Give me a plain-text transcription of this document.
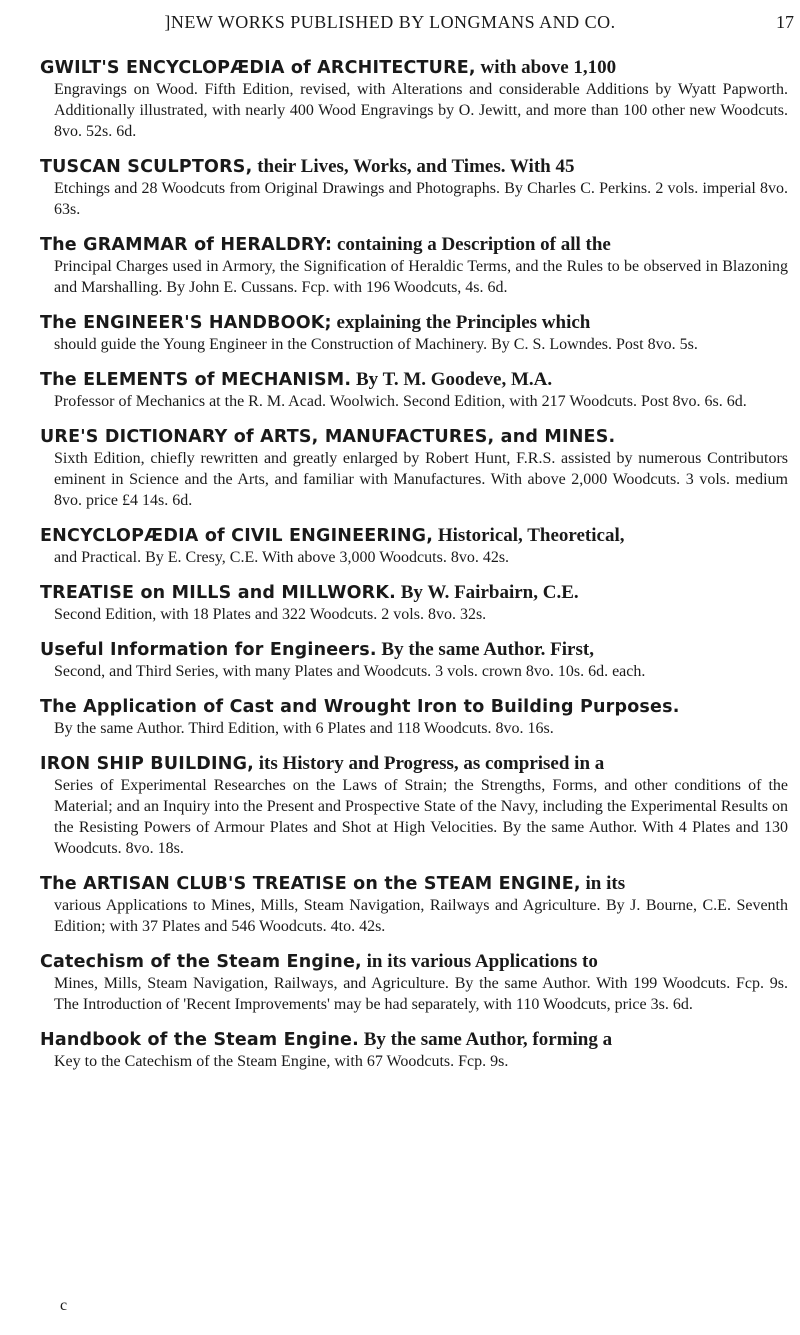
]NEW WORKS PUBLISHED BY LONGMANS AND CO.	17
GWILT'S ENCYCLOPÆDIA of ARCHITECTURE, with above 1,100
Engravings on Wood. Fifth Edition, revised, with Alterations and considerable Additions by Wyatt Papworth. Additionally illustrated, with nearly 400 Wood Engravings by O. Jewitt, and more than 100 other new Woodcuts. 8vo. 52s. 6d.
TUSCAN SCULPTORS, their Lives, Works, and Times. With 45
Etchings and 28 Woodcuts from Original Drawings and Photographs. By Charles C. Perkins. 2 vols. imperial 8vo. 63s.
The GRAMMAR of HERALDRY: containing a Description of all the
Principal Charges used in Armory, the Signification of Heraldic Terms, and the Rules to be observed in Blazoning and Marshalling. By John E. Cussans. Fcp. with 196 Woodcuts, 4s. 6d.
The ENGINEER'S HANDBOOK; explaining the Principles which
should guide the Young Engineer in the Construction of Machinery. By C. S. Lowndes. Post 8vo. 5s.
The ELEMENTS of MECHANISM. By T. M. Goodeve, M.A.
Professor of Mechanics at the R. M. Acad. Woolwich. Second Edition, with 217 Woodcuts. Post 8vo. 6s. 6d.
URE'S DICTIONARY of ARTS, MANUFACTURES, and MINES.
Sixth Edition, chiefly rewritten and greatly enlarged by Robert Hunt, F.R.S. assisted by numerous Contributors eminent in Science and the Arts, and familiar with Manufactures. With above 2,000 Woodcuts. 3 vols. medium 8vo. price £4 14s. 6d.
ENCYCLOPÆDIA of CIVIL ENGINEERING, Historical, Theoretical,
and Practical. By E. Cresy, C.E. With above 3,000 Woodcuts. 8vo. 42s.
TREATISE on MILLS and MILLWORK. By W. Fairbairn, C.E.
Second Edition, with 18 Plates and 322 Woodcuts. 2 vols. 8vo. 32s.
Useful Information for Engineers. By the same Author. First,
Second, and Third Series, with many Plates and Woodcuts. 3 vols. crown 8vo. 10s. 6d. each.
The Application of Cast and Wrought Iron to Building Purposes.
By the same Author. Third Edition, with 6 Plates and 118 Woodcuts. 8vo. 16s.
IRON SHIP BUILDING, its History and Progress, as comprised in a
Series of Experimental Researches on the Laws of Strain; the Strengths, Forms, and other conditions of the Material; and an Inquiry into the Present and Prospective State of the Navy, including the Experimental Results on the Resisting Powers of Armour Plates and Shot at High Velocities. By the same Author. With 4 Plates and 130 Woodcuts. 8vo. 18s.
The ARTISAN CLUB'S TREATISE on the STEAM ENGINE, in its
various Applications to Mines, Mills, Steam Navigation, Railways and Agriculture. By J. Bourne, C.E. Seventh Edition; with 37 Plates and 546 Woodcuts. 4to. 42s.
Catechism of the Steam Engine, in its various Applications to
Mines, Mills, Steam Navigation, Railways, and Agriculture. By the same Author. With 199 Woodcuts. Fcp. 9s. The Introduction of 'Recent Improvements' may be had separately, with 110 Woodcuts, price 3s. 6d.
Handbook of the Steam Engine. By the same Author, forming a
Key to the Catechism of the Steam Engine, with 67 Woodcuts. Fcp. 9s.
c
